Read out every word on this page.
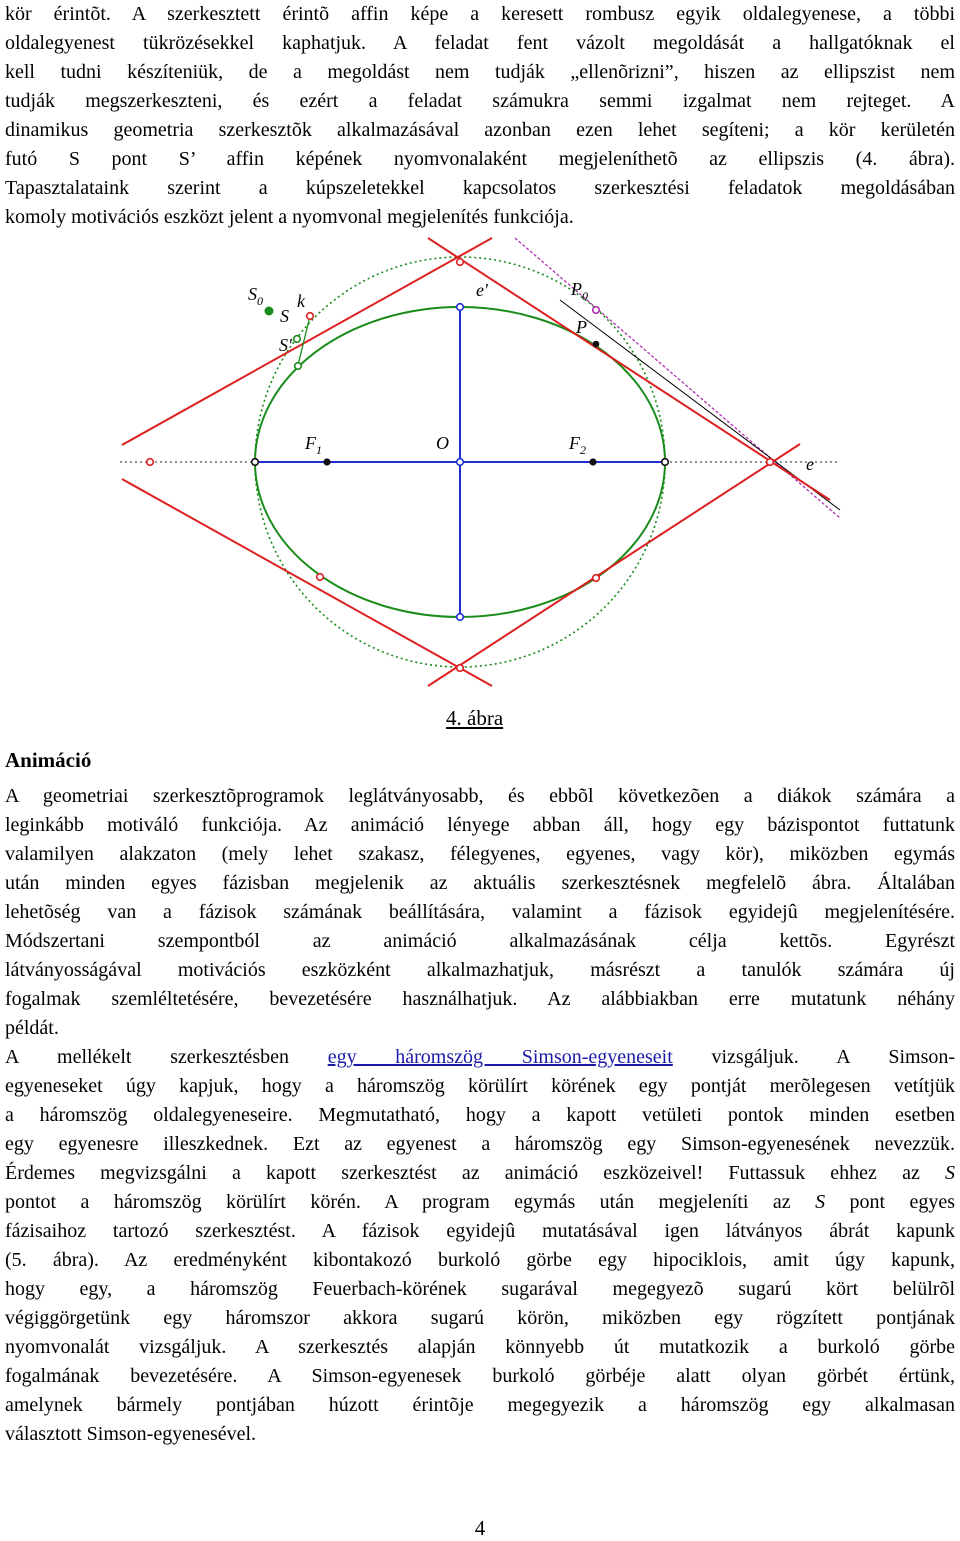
kör érintõt. A szerkesztett érintõ affin képe a keresett rombusz egyik oldalegyenese, a többi
oldalegyenest tükrözésekkel kaphatjuk. A feladat fent vázolt megoldását a hallgatóknak el
kell tudni készíteniük, de a megoldást nem tudják „ellenõrizni”, hiszen az ellipszist nem
tudják megszerkeszteni, és ezért a feladat számukra semmi izgalmat nem rejteget. A
dinamikus geometria szerkesztõk alkalmazásával azonban ezen lehet segíteni; a kör kerületén
futó S pont S’ affin képének nyomvonalaként megjeleníthetõ az ellipszis (4. ábra).
Tapasztalataink szerint a kúpszeletekkel kapcsolatos szerkesztési feladatok megoldásában
komoly motivációs eszközt jelent a nyomvonal megjelenítés funkciója.
$S_0$ k
S
S'
e'	$P_0$
P
$F_1$	O	$F_2$
e
4. ábra
Animáció
A geometriai szerkesztõprogramok leglátványosabb, és ebbõl következõen a diákok számára a
leginkább motiváló funkciója. Az animáció lényege abban áll, hogy egy bázispontot futtatunk
valamilyen alakzaton (mely lehet szakasz, félegyenes, egyenes, vagy kör), miközben egymás
után minden egyes fázisban megjelenik az aktuális szerkesztésnek megfelelõ ábra. Általában
lehetõség van a fázisok számának beállítására, valamint a fázisok egyidejû megjelenítésére.
Módszertani szempontból az animáció alkalmazásának célja kettõs. Egyrészt
látványosságával motivációs eszközként alkalmazhatjuk, másrészt a tanulók számára új
fogalmak szemléltetésére, bevezetésére használhatjuk. Az alábbiakban erre mutatunk néhány
példát.
A mellékelt szerkesztésben egy háromszög Simson-egyeneseit vizsgáljuk. A Simson-
egyeneseket úgy kapjuk, hogy a háromszög körülírt körének egy pontját merõlegesen vetítjük
a háromszög oldalegyeneseire. Megmutatható, hogy a kapott vetületi pontok minden esetben
egy egyenesre illeszkednek. Ezt az egyenest a háromszög egy Simson-egyenesének nevezzük.
Érdemes megvizsgálni a kapott szerkesztést az animáció eszközeivel! Futtassuk ehhez az S
pontot a háromszög körülírt körén. A program egymás után megjeleníti az S pont egyes
fázisaihoz tartozó szerkesztést. A fázisok egyidejû mutatásával igen látványos ábrát kapunk
(5. ábra). Az eredményként kibontakozó burkoló görbe egy hipociklois, amit úgy kapunk,
hogy egy, a háromszög Feuerbach-körének sugarával megegyezõ sugarú kört belülrõl
végiggörgetünk egy háromszor akkora sugarú körön, miközben egy rögzített pontjának
nyomvonalát vizsgáljuk. A szerkesztés alapján könnyebb út mutatkozik a burkoló görbe
fogalmának bevezetésére. A Simson-egyenesek burkoló görbéje alatt olyan görbét értünk,
amelynek bármely pontjában húzott érintõje megegyezik a háromszög egy alkalmasan
választott Simson-egyenesével.
4
